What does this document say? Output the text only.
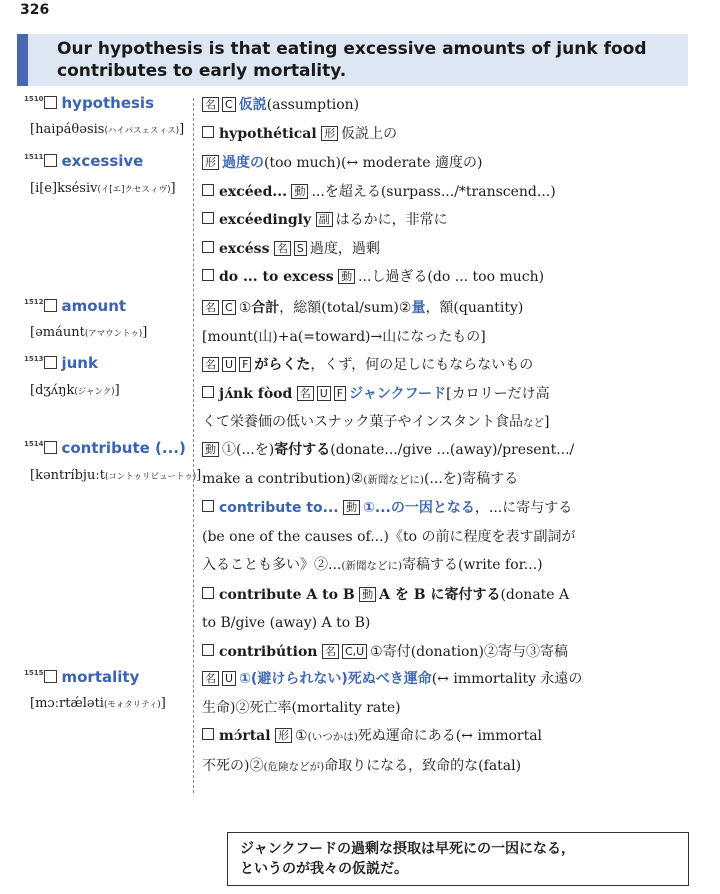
326
Our hypothesis is that eating excessive amounts of junk food contributes to early mortality.
$^{1510}$ hypothesis
[haipáθəsis(ハイパスェスィス)]
$^{1511}$ excessive
[i[e]ksésiv(イ[エ]クセスィヴ)]
$^{1512}$ amount
[əmáunt(アマウントゥ)]
$^{1513}$ junk
[dʒʌ́ŋk(ジャンク)]
$^{1514}$ contribute (...)
[kəntríbjuːt(コントゥリビュートゥ)]
$^{1515}$ mortality
[mɔːrtǽləti(モォタリティ)]
名 C 仮説(assumption)
hypothétical 形 仮説上の
形 過度の(too much)(↔ moderate 適度の)
excéed... 動 ...を超える(surpass.../*transcend...)
excéedingly 副 はるかに，非常に
excéss 名 S 過度，過剰
do ... to excess 動 ...し過ぎる(do ... too much)
名 C ①合計，総額(total/sum)②量，額(quantity)
[mount(山)+a(=toward)→山になったもの]
名 U F がらくた，くず，何の足しにもならないもの
jʌ́nk fòod 名 U F ジャンクフード[カロリーだけ高
くて栄養価の低いスナック菓子やインスタント食品など]
動 ①(...を)寄付する(donate.../give ...(away)/present.../
make a contribution)②(新聞などに)(...を)寄稿する
contribute to... 動 ①...の一因となる，...に寄与する
(be one of the causes of...)《to の前に程度を表す副詞が
入ることも多い》②...(新聞などに)寄稿する(write for...)
contribute A to B 動 A を B に寄付する(donate A
to B/give (away) A to B)
contribútion 名 C,U ①寄付(donation)②寄与③寄稿
名 U ①(避けられない)死ぬべき運命(↔ immortality 永遠の
生命)②死亡率(mortality rate)
mɔ́rtal 形 ①(いつかは)死ぬ運命にある(↔ immortal
不死の)②(危険などが)命取りになる，致命的な(fatal)
ジャンクフードの過剰な摂取は早死にの一因になる，
というのが我々の仮説だ。
